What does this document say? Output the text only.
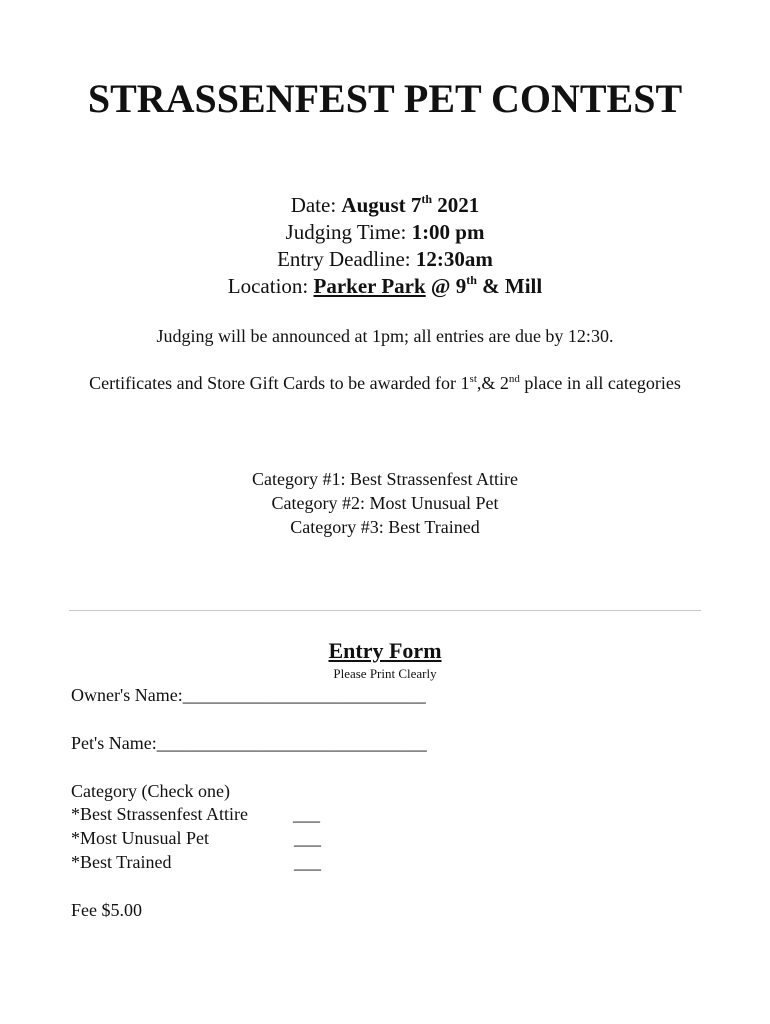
STRASSENFEST PET CONTEST
Date: August 7th 2021
Judging Time: 1:00 pm
Entry Deadline: 12:30am
Location: Parker Park @ 9th & Mill
Judging will be announced at 1pm; all entries are due by 12:30.
Certificates and Store Gift Cards to be awarded for 1st,& 2nd place in all categories
Category #1: Best Strassenfest Attire
Category #2: Most Unusual Pet
Category #3: Best Trained
Entry Form
Please Print Clearly
Owner's Name:___________________________
Pet's Name:______________________________
Category (Check one)
*Best Strassenfest Attire	___
*Most Unusual Pet	___
*Best Trained	___
Fee $5.00
